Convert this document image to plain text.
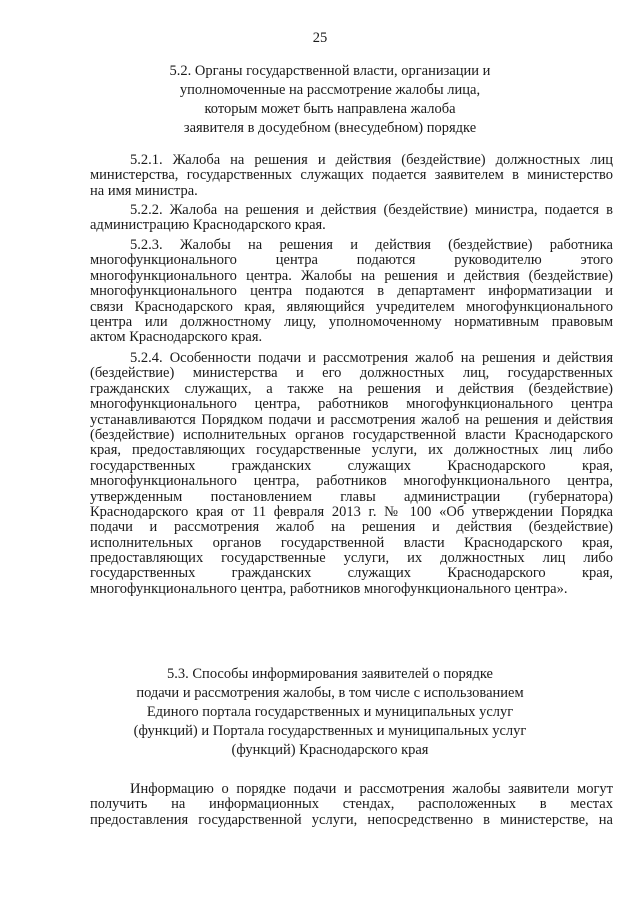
25
5.2. Органы государственной власти, организации и
уполномоченные на рассмотрение жалобы лица,
которым может быть направлена жалоба
заявителя в досудебном (внесудебном) порядке
5.2.1. Жалоба на решения и действия (бездействие) должностных лиц
министерства, государственных служащих подается заявителем в министерство
на имя министра.
5.2.2. Жалоба на решения и действия (бездействие) министра, подается в
администрацию Краснодарского края.
5.2.3. Жалобы на решения и действия (бездействие) работника
многофункционального центра подаются руководителю этого
многофункционального центра. Жалобы на решения и действия (бездействие)
многофункционального центра подаются в департамент информатизации и
связи Краснодарского края, являющийся учредителем многофункционального
центра или должностному лицу, уполномоченному нормативным правовым
актом Краснодарского края.
5.2.4. Особенности подачи и рассмотрения жалоб на решения и действия
(бездействие) министерства и его должностных лиц, государственных
гражданских служащих, а также на решения и действия (бездействие)
многофункционального центра, работников многофункционального центра
устанавливаются Порядком подачи и рассмотрения жалоб на решения и действия
(бездействие) исполнительных органов государственной власти Краснодарского
края, предоставляющих государственные услуги, их должностных лиц либо
государственных гражданских служащих Краснодарского края,
многофункционального центра, работников многофункционального центра,
утвержденным постановлением главы администрации (губернатора)
Краснодарского края от 11 февраля 2013 г. № 100 «Об утверждении Порядка
подачи и рассмотрения жалоб на решения и действия (бездействие)
исполнительных органов государственной власти Краснодарского края,
предоставляющих государственные услуги, их должностных лиц либо
государственных гражданских служащих Краснодарского края,
многофункционального центра, работников многофункционального центра».
5.3. Способы информирования заявителей о порядке
подачи и рассмотрения жалобы, в том числе с использованием
Единого портала государственных и муниципальных услуг
(функций) и Портала государственных и муниципальных услуг
(функций) Краснодарского края
Информацию о порядке подачи и рассмотрения жалобы заявители могут
получить на информационных стендах, расположенных в местах
предоставления государственной услуги, непосредственно в министерстве, на
